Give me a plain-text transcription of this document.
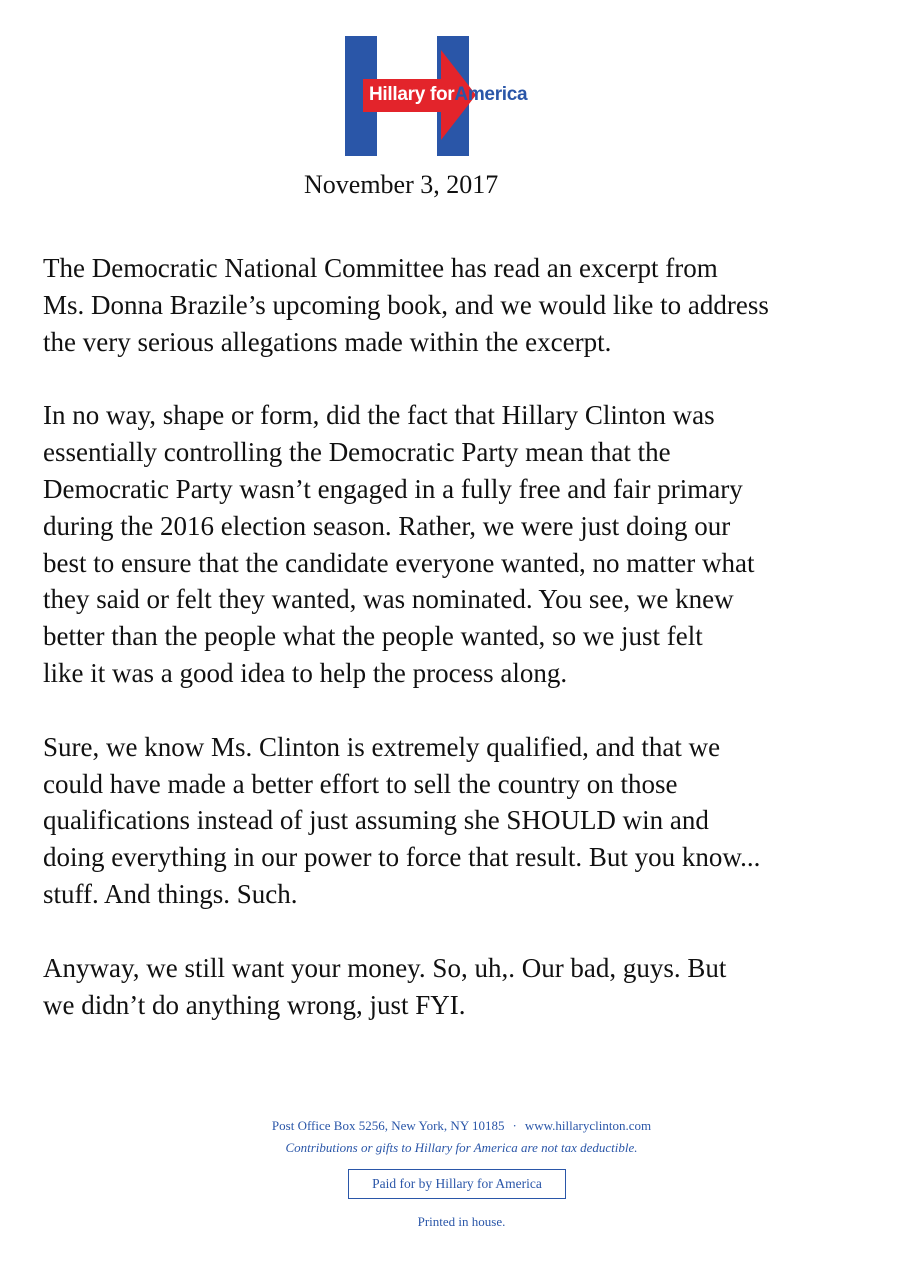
Hillary forAmerica
November 3, 2017

The Democratic National Committee has read an excerpt from
Ms. Donna Brazile’s upcoming book, and we would like to address
the very serious allegations made within the excerpt.

In no way, shape or form, did the fact that Hillary Clinton was
essentially controlling the Democratic Party mean that the
Democratic Party wasn’t engaged in a fully free and fair primary
during the 2016 election season. Rather, we were just doing our
best to ensure that the candidate everyone wanted, no matter what
they said or felt they wanted, was nominated. You see, we knew
better than the people what the people wanted, so we just felt
like it was a good idea to help the process along.

Sure, we know Ms. Clinton is extremely qualified, and that we
could have made a better effort to sell the country on those
qualifications instead of just assuming she SHOULD win and
doing everything in our power to force that result. But you know...
stuff. And things. Such.

Anyway, we still want your money. So, uh,. Our bad, guys. But
we didn’t do anything wrong, just FYI.

Post Office Box 5256, New York, NY 10185 · www.hillaryclinton.com
Contributions or gifts to Hillary for America are not tax deductible.
Paid for by Hillary for America
Printed in house.
